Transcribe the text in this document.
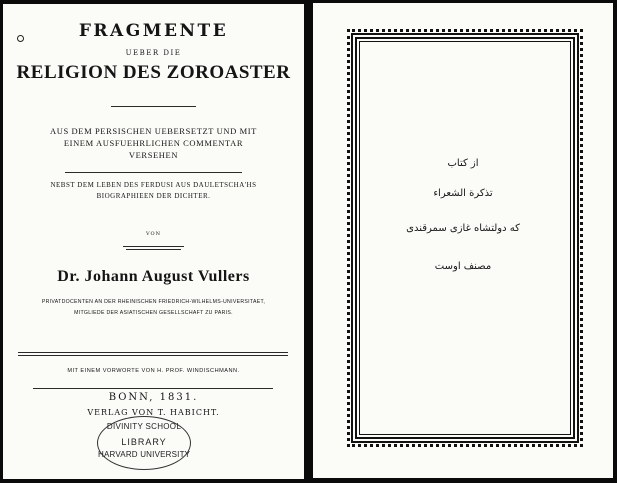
FRAGMENTE
UEBER DIE
RELIGION DES ZOROASTER
AUS DEM PERSISCHEN UEBERSETZT UND MIT
EINEM AUSFUEHRLICHEN COMMENTAR
VERSEHEN
NEBST DEM LEBEN DES FERDUSI AUS DAULETSCHA'HS
BIOGRAPHIEEN DER DICHTER.
VON
Dr. Johann August Vullers
PRIVATDOCENTEN AN DER RHEINISCHEN FRIEDRICH-WILHELMS-UNIVERSITAET,
MITGLIEDE DER ASIATISCHEN GESELLSCHAFT ZU PARIS.
MIT EINEM VORWORTE VON H. PROF. WINDISCHMANN.
BONN, 1831.
VERLAG VON T. HABICHT.
DIVINITY SCHOOL
LIBRARY
HARVARD UNIVERSITY
از کتاب
تذکرة الشعراء
که دولتشاه غازی سمرقندی
مصنف اوست
